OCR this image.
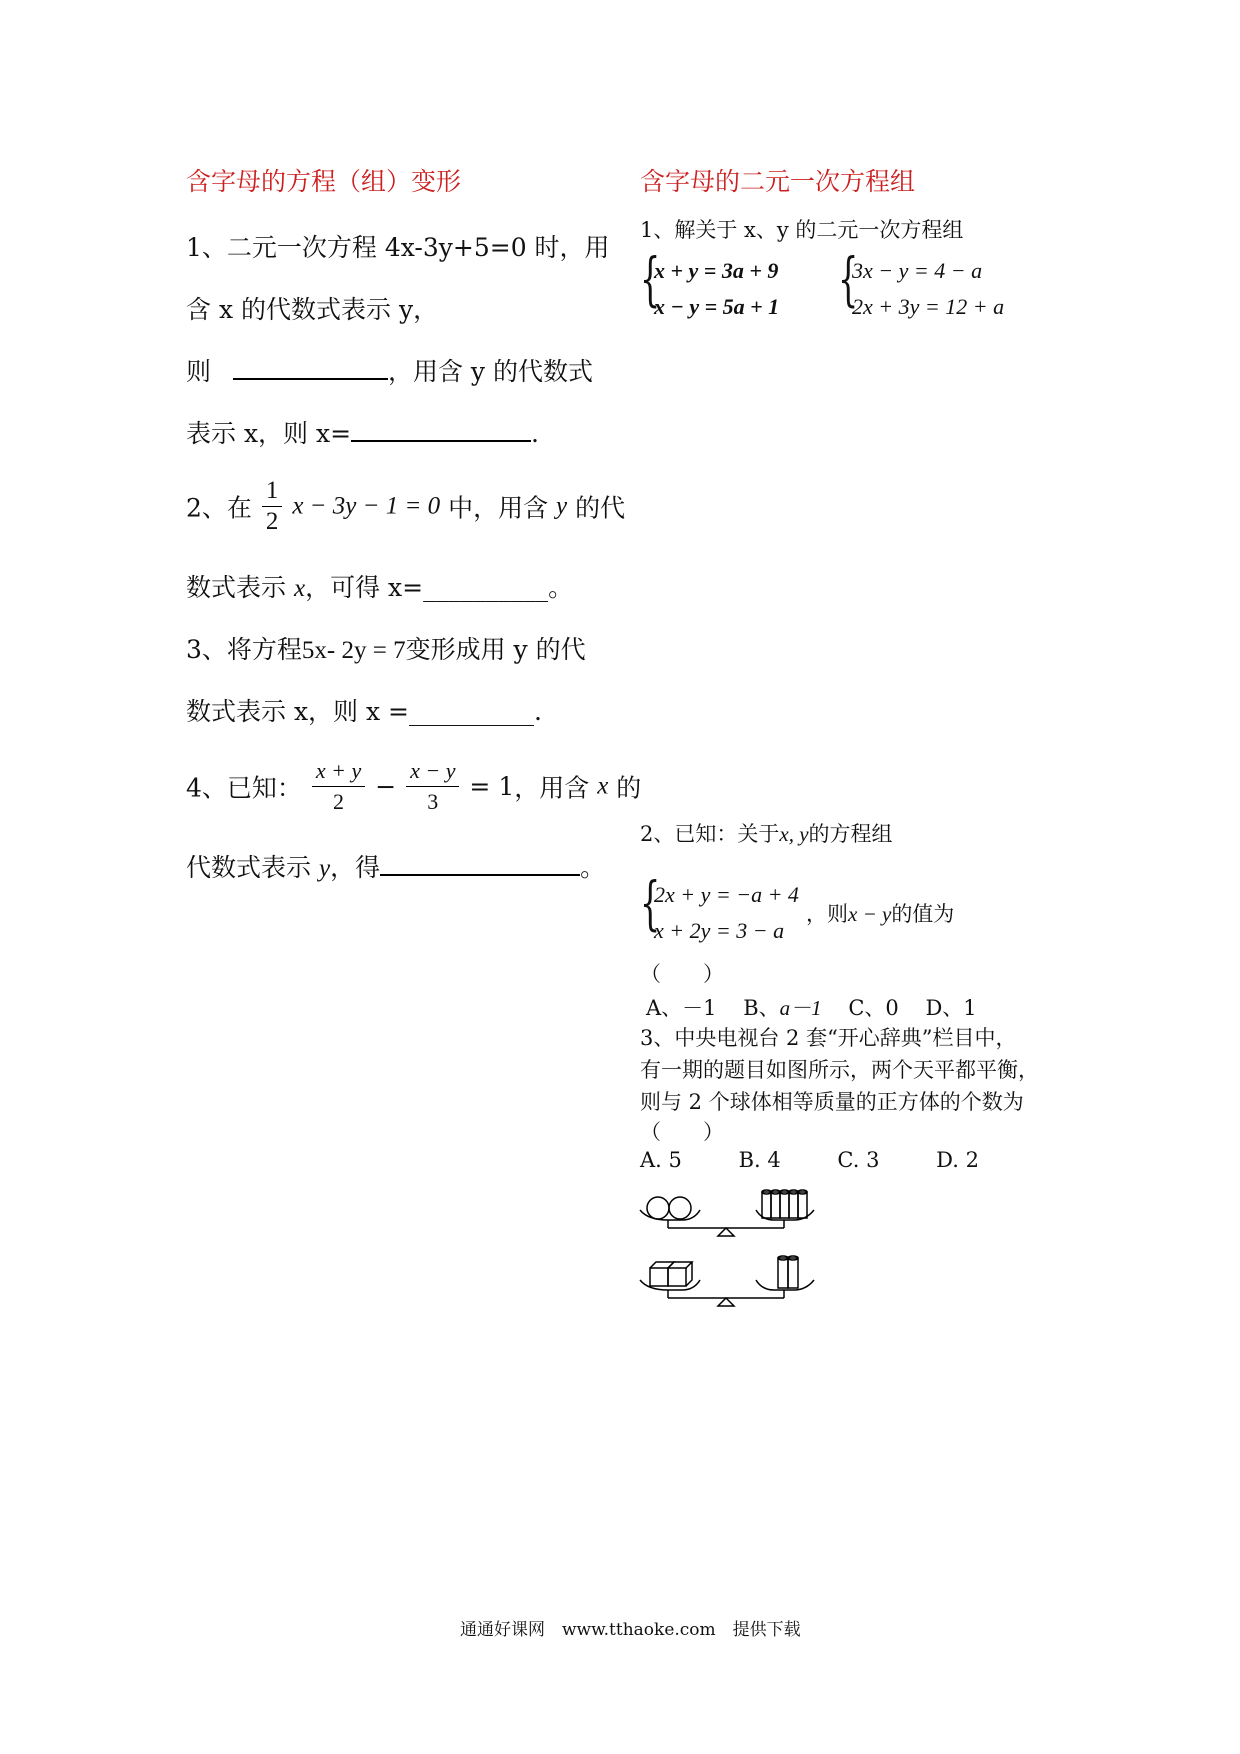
含字母的方程（组）变形
1、二元一次方程 4x-3y+5=0 时，用
含 x 的代数式表示 y，
则	，用含 y 的代数式
表示 x，则 x=	.
2、在 $\frac{1}{2}$ x − 3y − 1 = 0 中，用含 y 的代
数式表示 x，可得 x=__________。
3、将方程5x- 2y = 7变形成用 y 的代
数式表示 x，则 x =__________.
4、已知： $\frac{x + y}{2} - \frac{x - y}{3} = 1$，用含 x 的
代数式表示 y，得	。
含字母的二元一次方程组
1、解关于 x、y 的二元一次方程组
{
x + y = 3a + 9
x − y = 5a + 1 {
3x − y = 4 − a
2x + 3y = 12 + a
2、已知：关于x, y的方程组
{
2x + y = −a + 4
x + 2y = 3 − a
，则x − y的值为
（　　）
A、－1 B、a－1 C、0 D、1
3、中央电视台 2 套“开心辞典”栏目中，
有一期的题目如图所示，两个天平都平衡，
则与 2 个球体相等质量的正方体的个数为
（　　）
A. 5	B. 4	C. 3	D. 2
通通好课网　www.tthaoke.com　提供下载
